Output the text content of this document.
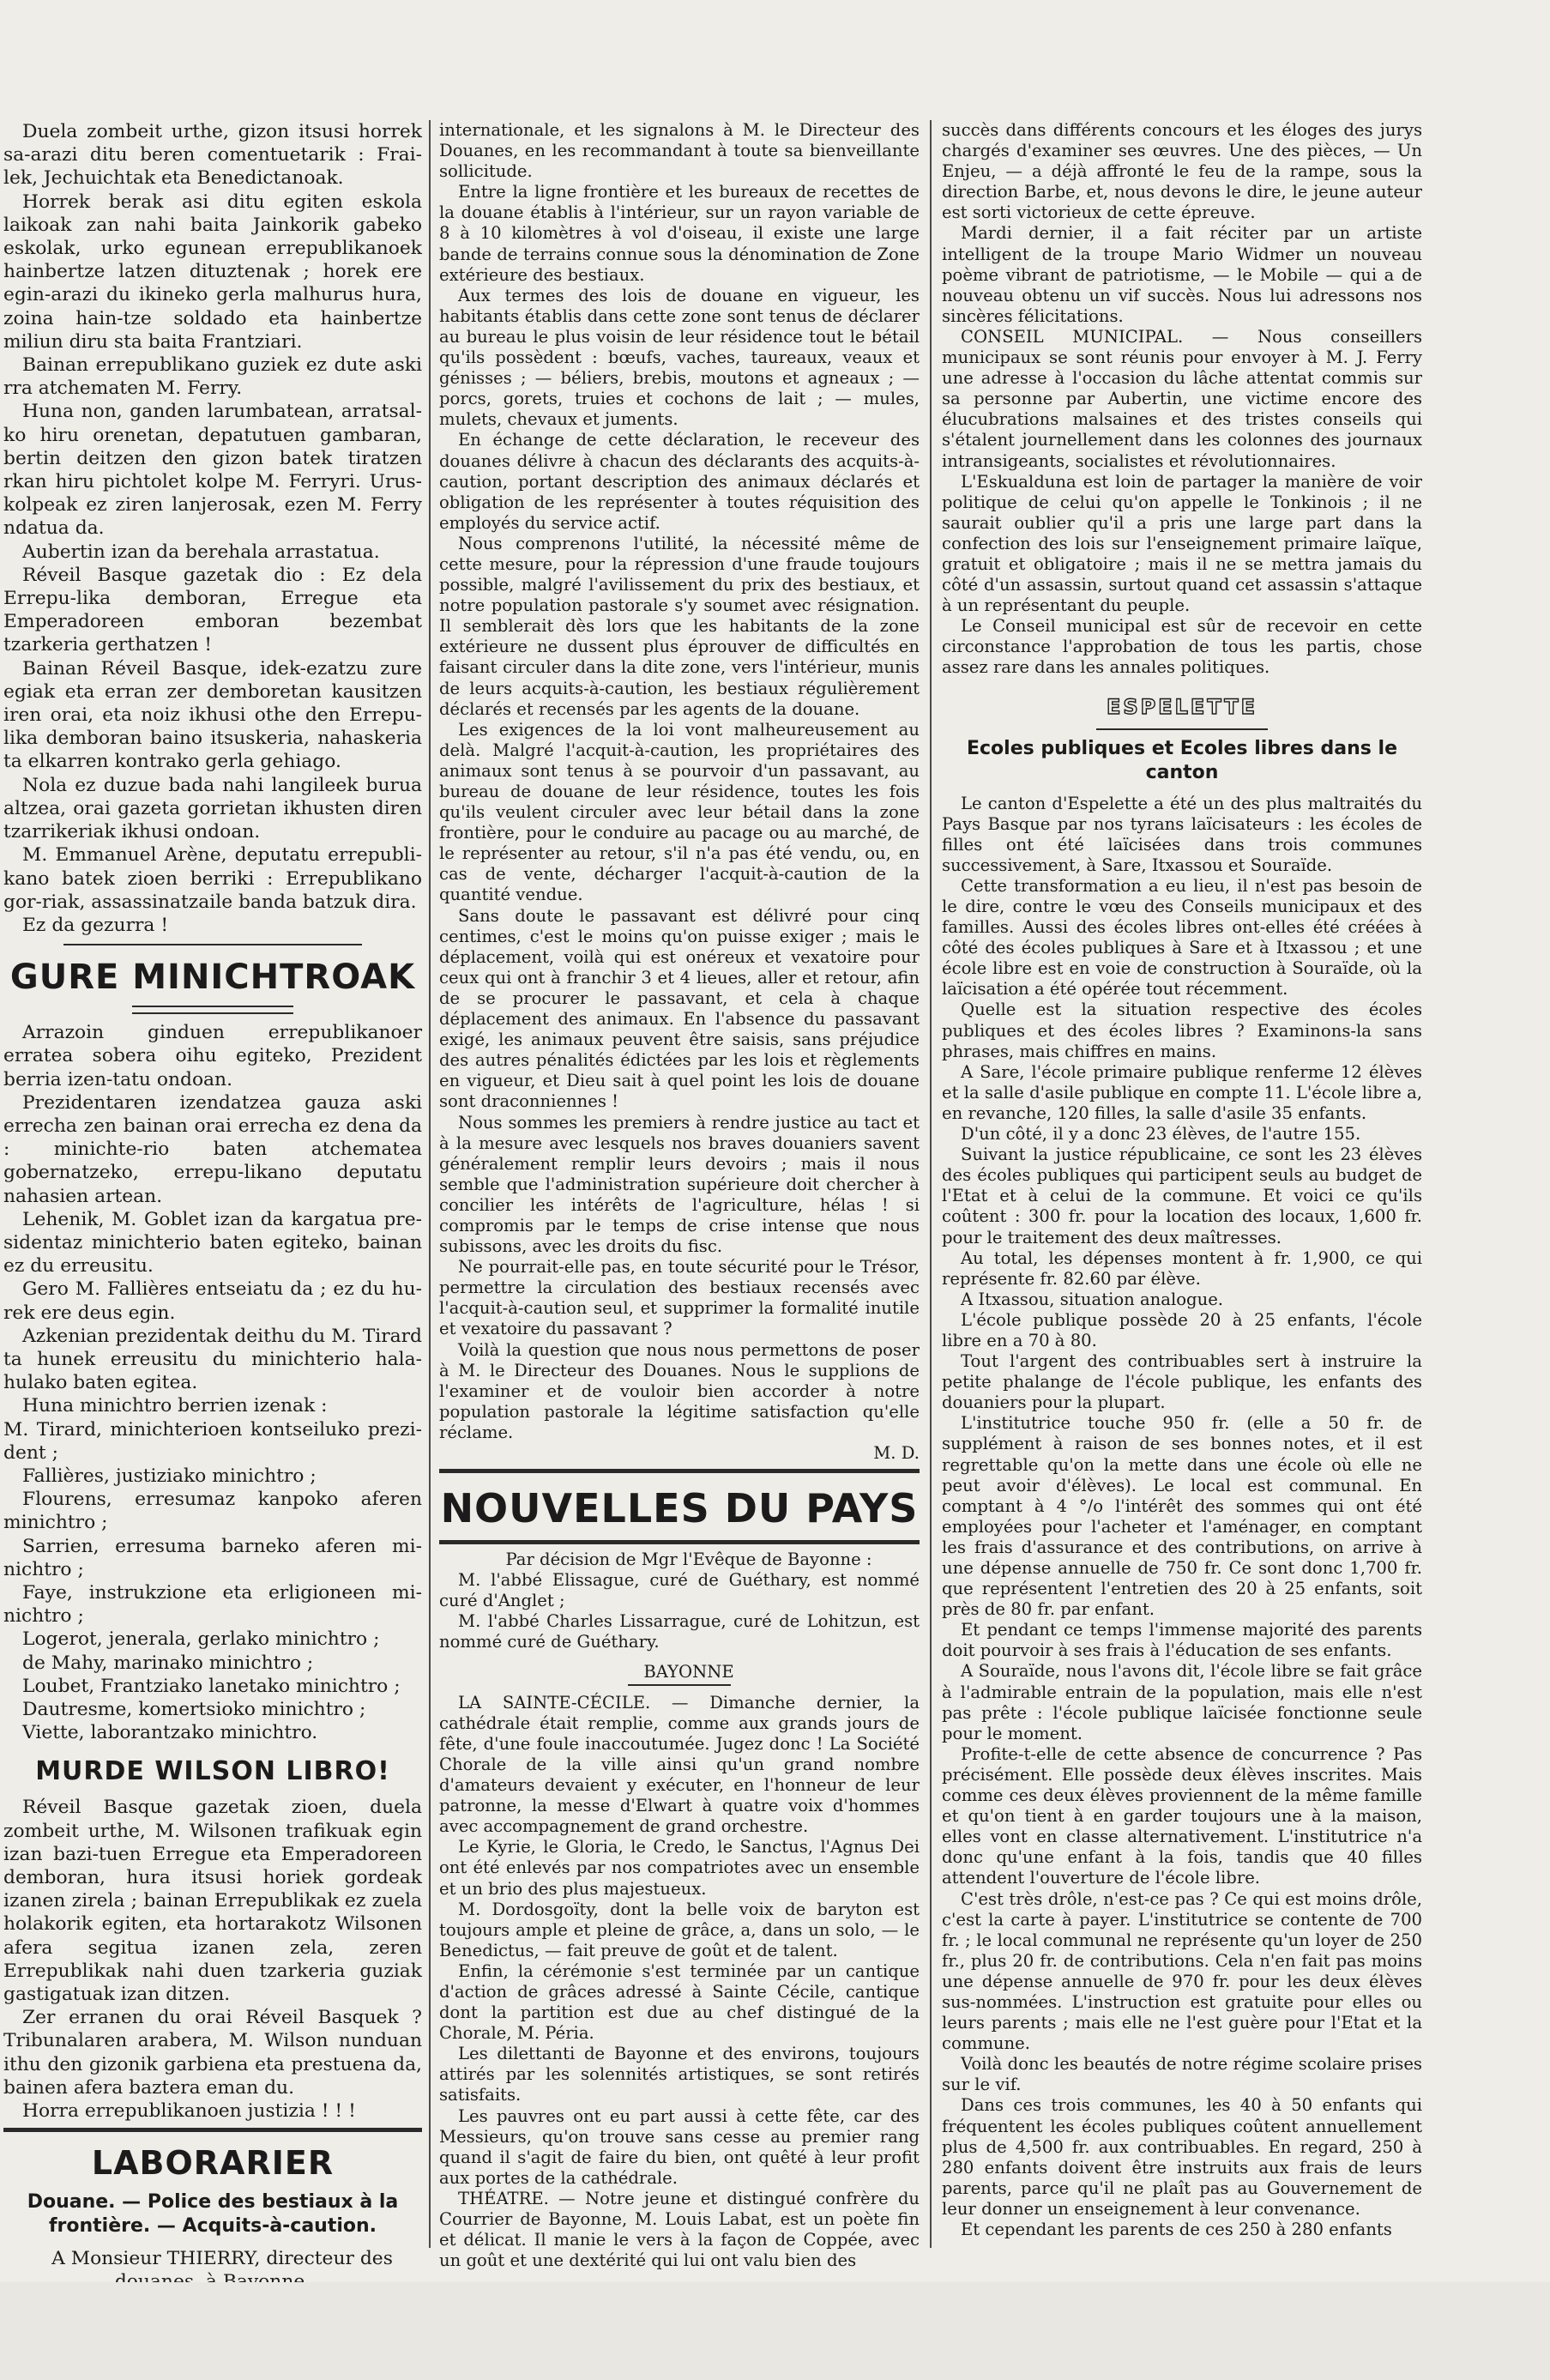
Duela zombeit urthe, gizon itsusi horrek sa-arazi ditu beren comentuetarik : Frai-lek, Jechuichtak eta Benedictanoak.

Horrek berak asi ditu egiten eskola laikoak zan nahi baita Jainkorik gabeko eskolak, urko egunean errepublikanoek hainbertze latzen dituztenak ; horek ere egin-arazi du ikineko gerla malhurus hura, zoina hain-tze soldado eta hainbertze miliun diru sta baita Frantziari.

Bainan errepublikano guziek ez dute aski rra atchematen M. Ferry.

Huna non, ganden larumbatean, arratsal-ko hiru orenetan, depatutuen gambaran, bertin deitzen den gizon batek tiratzen rkan hiru pichtolet kolpe M. Ferryri. Urus-kolpeak ez ziren lanjerosak, ezen M. Ferry ndatua da.

Aubertin izan da berehala arrastatua.

Réveil Basque gazetak dio : Ez dela Errepu-lika demboran, Erregue eta Emperadoreen emboran bezembat tzarkeria gerthatzen !

Bainan Réveil Basque, idek-ezatzu zure egiak eta erran zer demboretan kausitzen iren orai, eta noiz ikhusi othe den Errepu-lika demboran baino itsuskeria, nahaskeria ta elkarren kontrako gerla gehiago.

Nola ez duzue bada nahi langileek burua altzea, orai gazeta gorrietan ikhusten diren tzarrikeriak ikhusi ondoan.

M. Emmanuel Arène, deputatu errepubli-kano batek zioen berriki : Errepublikano gor-riak, assassinatzaile banda batzuk dira.

Ez da gezurra !

GURE MINICHTROAK

Arrazoin ginduen errepublikanoer erratea sobera oihu egiteko, Prezident berria izen-tatu ondoan.

Prezidentaren izendatzea gauza aski errecha zen bainan orai errecha ez dena da : minichte-rio baten atchematea gobernatzeko, errepu-likano deputatu nahasien artean.

Lehenik, M. Goblet izan da kargatua pre-sidentaz minichterio baten egiteko, bainan ez du erreusitu.

Gero M. Fallières entseiatu da ; ez du hu-rek ere deus egin.

Azkenian prezidentak deithu du M. Tirard ta hunek erreusitu du minichterio hala-hulako baten egitea.

Huna minichtro berrien izenak :

M. Tirard, minichterioen kontseiluko prezi-dent ;

Fallières, justiziako minichtro ;

Flourens, erresumaz kanpoko aferen minichtro ;

Sarrien, erresuma barneko aferen mi-nichtro ;

Faye, instrukzione eta erligioneen mi-nichtro ;

Logerot, jenerala, gerlako minichtro ;

de Mahy, marinako minichtro ;

Loubet, Frantziako lanetako minichtro ;

Dautresme, komertsioko minichtro ;

Viette, laborantzako minichtro.

MURDE WILSON LIBRO!

Réveil Basque gazetak zioen, duela zombeit urthe, M. Wilsonen trafikuak egin izan bazi-tuen Erregue eta Emperadoreen demboran, hura itsusi horiek gordeak izanen zirela ; bainan Errepublikak ez zuela holakorik egiten, eta hortarakotz Wilsonen afera segitua izanen zela, zeren Errepublikak nahi duen tzarkeria guziak gastigatuak izan ditzen.

Zer erranen du orai Réveil Basquek ? Tribunalaren arabera, M. Wilson nunduan ithu den gizonik garbiena eta prestuena da, bainen afera baztera eman du.

Horra errepublikanoen justizia ! ! !

LABORARIER
Douane. — Police des bestiaux à la frontière. — Acquits-à-caution.

A Monsieur THIERRY, directeur des

internationale, et les signalons à M. le Directeur des Douanes, en les recommandant à toute sa bienveillante sollicitude.

Entre la ligne frontière et les bureaux de recettes de la douane établis à l'intérieur, sur un rayon variable de 8 à 10 kilomètres à vol d'oiseau, il existe une large bande de terrains connue sous la dénomination de Zone extérieure des bestiaux.

Aux termes des lois de douane en vigueur, les habitants établis dans cette zone sont tenus de déclarer au bureau le plus voisin de leur résidence tout le bétail qu'ils possèdent : bœufs, vaches, taureaux, veaux et génisses ; — béliers, brebis, moutons et agneaux ; — porcs, gorets, truies et cochons de lait ; — mules, mulets, chevaux et juments.

En échange de cette déclaration, le receveur des douanes délivre à chacun des déclarants des acquits-à-caution, portant description des animaux déclarés et obligation de les représenter à toutes réquisition des employés du service actif.

Nous comprenons l'utilité, la nécessité même de cette mesure, pour la répression d'une fraude toujours possible, malgré l'avilissement du prix des bestiaux, et notre population pastorale s'y soumet avec résignation. Il semblerait dès lors que les habitants de la zone extérieure ne dussent plus éprouver de difficultés en faisant circuler dans la dite zone, vers l'intérieur, munis de leurs acquits-à-caution, les bestiaux régulièrement déclarés et recensés par les agents de la douane.

Les exigences de la loi vont malheureusement au delà. Malgré l'acquit-à-caution, les propriétaires des animaux sont tenus à se pourvoir d'un passavant, au bureau de douane de leur résidence, toutes les fois qu'ils veulent circuler avec leur bétail dans la zone frontière, pour le conduire au pacage ou au marché, de le représenter au retour, s'il n'a pas été vendu, ou, en cas de vente, décharger l'acquit-à-caution de la quantité vendue.

Sans doute le passavant est délivré pour cinq centimes, c'est le moins qu'on puisse exiger ; mais le déplacement, voilà qui est onéreux et vexatoire pour ceux qui ont à franchir 3 et 4 lieues, aller et retour, afin de se procurer le passavant, et cela à chaque déplacement des animaux. En l'absence du passavant exigé, les animaux peuvent être saisis, sans préjudice des autres pénalités édictées par les lois et règlements en vigueur, et Dieu sait à quel point les lois de douane sont draconniennes !

Nous sommes les premiers à rendre justice au tact et à la mesure avec lesquels nos braves douaniers savent généralement remplir leurs devoirs ; mais il nous semble que l'administration supérieure doit chercher à concilier les intérêts de l'agriculture, hélas ! si compromis par le temps de crise intense que nous subissons, avec les droits du fisc.

Ne pourrait-elle pas, en toute sécurité pour le Trésor, permettre la circulation des bestiaux recensés avec l'acquit-à-caution seul, et supprimer la formalité inutile et vexatoire du passavant ?

Voilà la question que nous nous permettons de poser à M. le Directeur des Douanes. Nous le supplions de l'examiner et de vouloir bien accorder à notre population pastorale la légitime satisfaction qu'elle réclame.

M. D.

NOUVELLES DU PAYS

Par décision de Mgr l'Evêque de Bayonne :

M. l'abbé Elissague, curé de Guéthary, est nommé curé d'Anglet ;

M. l'abbé Charles Lissarrague, curé de Lohitzun, est nommé curé de Guéthary.

BAYONNE

LA SAINTE-CÉCILE. — Dimanche dernier, la cathédrale était remplie, comme aux grands jours de fête, d'une foule inaccoutumée. Jugez donc ! La Société Chorale de la ville ainsi qu'un grand nombre d'amateurs devaient y exécuter, en l'honneur de leur patronne, la messe d'Elwart à quatre voix d'hommes avec accompagnement de grand orchestre.

Le Kyrie, le Gloria, le Credo, le Sanctus, l'Agnus Dei ont été enlevés par nos compatriotes avec un ensemble et un brio des plus majestueux.

M. Dordosgoïty, dont la belle voix de baryton est toujours ample et pleine de grâce, a, dans un solo, — le Benedictus, — fait preuve de goût et de talent.

Enfin, la cérémonie s'est terminée par un cantique d'action de grâces adressé à Sainte Cécile, cantique dont la partition est due au chef distingué de la Chorale, M. Péria.

Les dilettanti de Bayonne et des environs, toujours attirés par les solennités artistiques, se sont retirés satisfaits.

Les pauvres ont eu part aussi à cette fête, car des Messieurs, qu'on trouve sans cesse au premier rang quand il s'agit de faire du bien, ont quêté à leur profit aux portes de la cathédrale.

THÉATRE. — Notre jeune et distingué confrère du Courrier de Bayonne, M. Louis Labat, est un poète fin et délicat. Il manie le vers à la façon de Coppée, avec un goût et une dextérité qui lui ont valu bien des

succès dans différents concours et les éloges des jurys chargés d'examiner ses œuvres. Une des pièces, — Un Enjeu, — a déjà affronté le feu de la rampe, sous la direction Barbe, et, nous devons le dire, le jeune auteur est sorti victorieux de cette épreuve.

Mardi dernier, il a fait réciter par un artiste intelligent de la troupe Mario Widmer un nouveau poème vibrant de patriotisme, — le Mobile — qui a de nouveau obtenu un vif succès. Nous lui adressons nos sincères félicitations.

CONSEIL MUNICIPAL. — Nous conseillers municipaux se sont réunis pour envoyer à M. J. Ferry une adresse à l'occasion du lâche attentat commis sur sa personne par Aubertin, une victime encore des élucubrations malsaines et des tristes conseils qui s'étalent journellement dans les colonnes des journaux intransigeants, socialistes et révolutionnaires.

L'Eskualduna est loin de partager la manière de voir politique de celui qu'on appelle le Tonkinois ; il ne saurait oublier qu'il a pris une large part dans la confection des lois sur l'enseignement primaire laïque, gratuit et obligatoire ; mais il ne se mettra jamais du côté d'un assassin, surtout quand cet assassin s'attaque à un représentant du peuple.

Le Conseil municipal est sûr de recevoir en cette circonstance l'approbation de tous les partis, chose assez rare dans les annales politiques.

ESPELETTE
Ecoles publiques et Ecoles libres dans le canton

Le canton d'Espelette a été un des plus maltraités du Pays Basque par nos tyrans laïcisateurs : les écoles de filles ont été laïcisées dans trois communes successivement, à Sare, Itxassou et Souraïde.

Cette transformation a eu lieu, il n'est pas besoin de le dire, contre le vœu des Conseils municipaux et des familles. Aussi des écoles libres ont-elles été créées à côté des écoles publiques à Sare et à Itxassou ; et une école libre est en voie de construction à Souraïde, où la laïcisation a été opérée tout récemment.

Quelle est la situation respective des écoles publiques et des écoles libres ? Examinons-la sans phrases, mais chiffres en mains.

A Sare, l'école primaire publique renferme 12 élèves et la salle d'asile publique en compte 11. L'école libre a, en revanche, 120 filles, la salle d'asile 35 enfants.

D'un côté, il y a donc 23 élèves, de l'autre 155.

Suivant la justice républicaine, ce sont les 23 élèves des écoles publiques qui participent seuls au budget de l'Etat et à celui de la commune. Et voici ce qu'ils coûtent : 300 fr. pour la location des locaux, 1,600 fr. pour le traitement des deux maîtresses.

Au total, les dépenses montent à fr. 1,900, ce qui représente fr. 82.60 par élève.

A Itxassou, situation analogue.

L'école publique possède 20 à 25 enfants, l'école libre en a 70 à 80.

Tout l'argent des contribuables sert à instruire la petite phalange de l'école publique, les enfants des douaniers pour la plupart.

L'institutrice touche 950 fr. (elle a 50 fr. de supplément à raison de ses bonnes notes, et il est regrettable qu'on la mette dans une école où elle ne peut avoir d'élèves). Le local est communal. En comptant à 4 °/o l'intérêt des sommes qui ont été employées pour l'acheter et l'aménager, en comptant les frais d'assurance et des contributions, on arrive à une dépense annuelle de 750 fr. Ce sont donc 1,700 fr. que représentent l'entretien des 20 à 25 enfants, soit près de 80 fr. par enfant.

Et pendant ce temps l'immense majorité des parents doit pourvoir à ses frais à l'éducation de ses enfants.

A Souraïde, nous l'avons dit, l'école libre se fait grâce à l'admirable entrain de la population, mais elle n'est pas prête : l'école publique laïcisée fonctionne seule pour le moment.

Profite-t-elle de cette absence de concurrence ? Pas précisément. Elle possède deux élèves inscrites. Mais comme ces deux élèves proviennent de la même famille et qu'on tient à en garder toujours une à la maison, elles vont en classe alternativement. L'institutrice n'a donc qu'une enfant à la fois, tandis que 40 filles attendent l'ouverture de l'école libre.

C'est très drôle, n'est-ce pas ? Ce qui est moins drôle, c'est la carte à payer. L'institutrice se contente de 700 fr. ; le local communal ne représente qu'un loyer de 250 fr., plus 20 fr. de contributions. Cela n'en fait pas moins une dépense annuelle de 970 fr. pour les deux élèves sus-nommées. L'instruction est gratuite pour elles ou leurs parents ; mais elle ne l'est guère pour l'Etat et la commune.

Voilà donc les beautés de notre régime scolaire prises sur le vif.

Dans ces trois communes, les 40 à 50 enfants qui fréquentent les écoles publiques coûtent annuellement plus de 4,500 fr. aux contribuables. En regard, 250 à 280 enfants doivent être instruits aux frais de leurs parents, parce qu'il ne plaît pas au Gouvernement de leur donner un enseignement à leur convenance.

Et cependant les parents de ces 250 à 280 enfants
